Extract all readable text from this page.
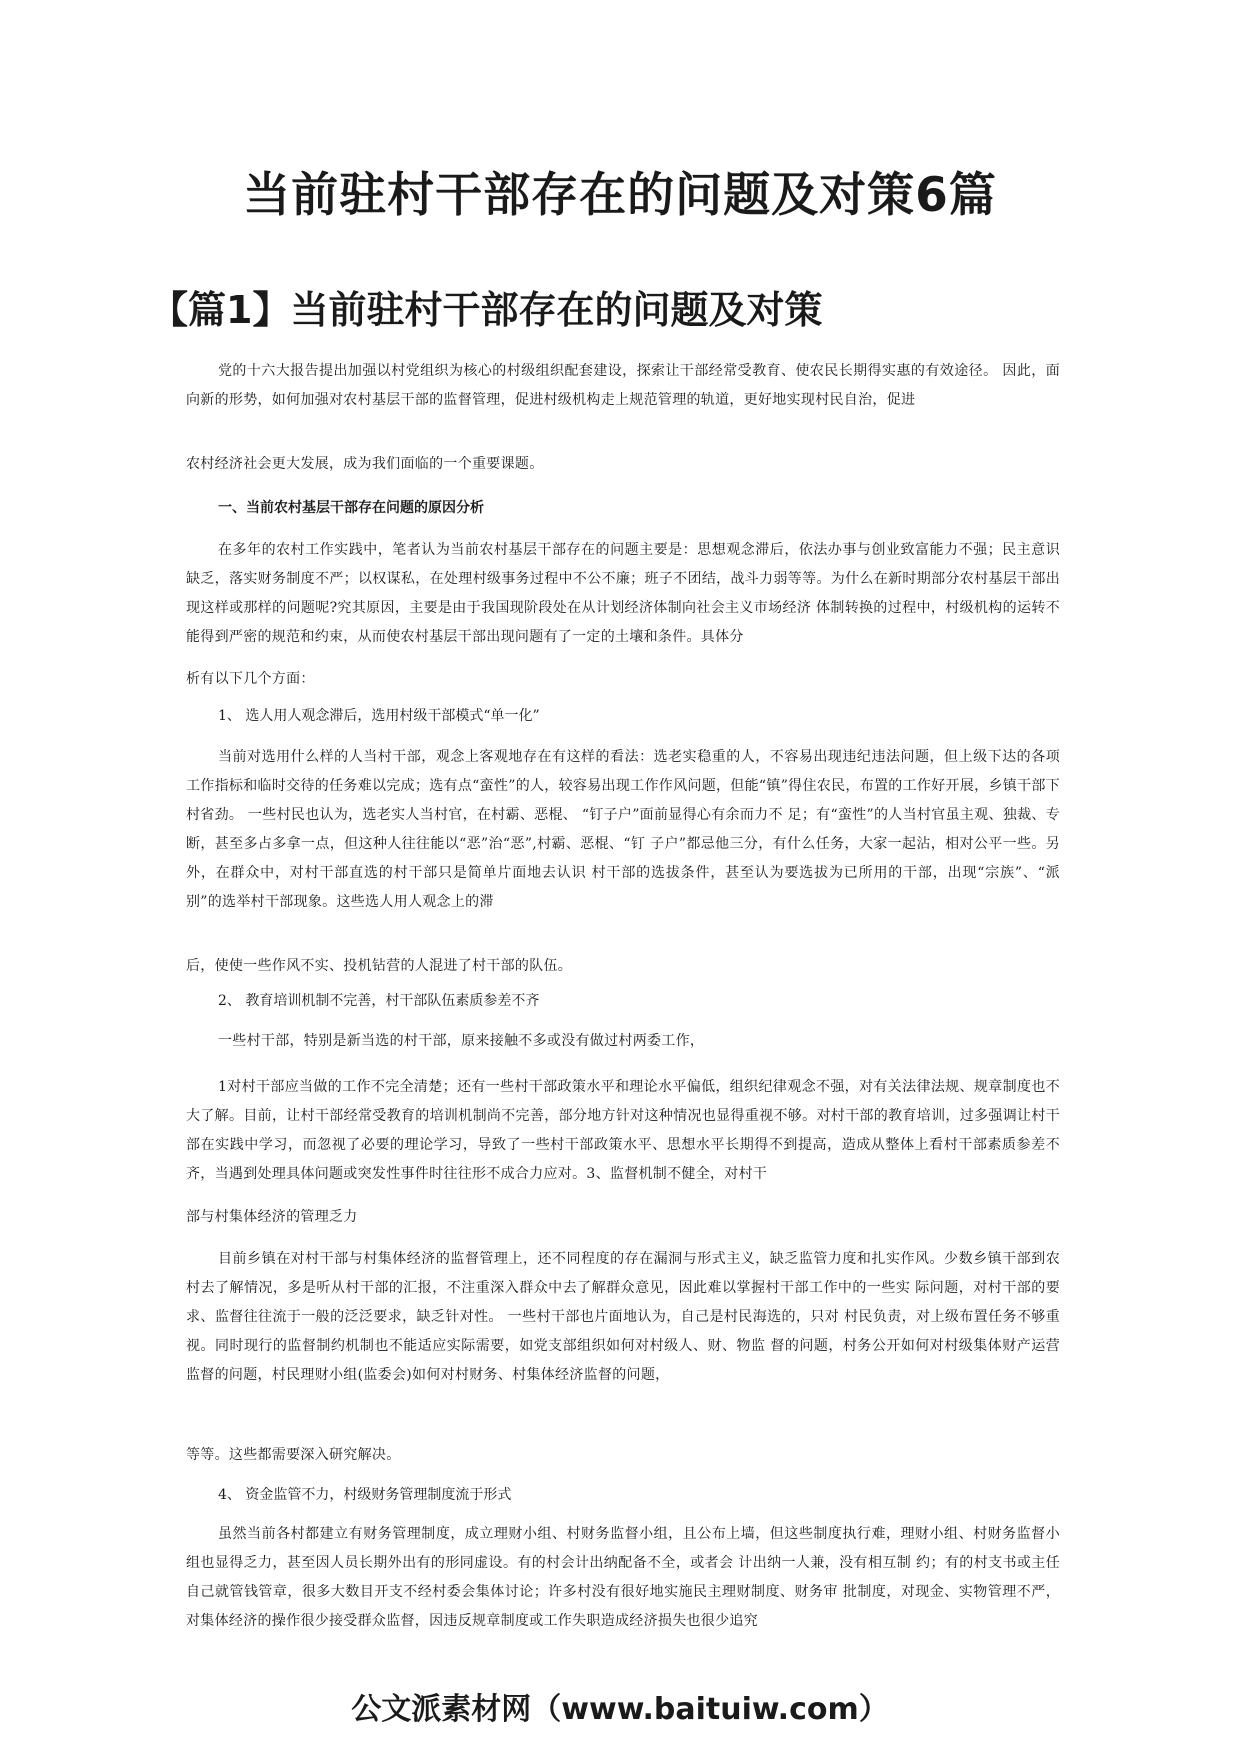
当前驻村干部存在的问题及对策6篇
【篇1】当前驻村干部存在的问题及对策

党的十六大报告提出加强以村党组织为核心的村级组织配套建设，探索让干部经常受教育、使农民长期得实惠的有效途径。 因此，面向新的形势，如何加强对农村基层干部的监督管理，促进村级机构走上规范管理的轨道，更好地实现村民自治，促进

农村经济社会更大发展，成为我们面临的一个重要课题。

一、当前农村基层干部存在问题的原因分析

在多年的农村工作实践中，笔者认为当前农村基层干部存在的问题主要是：思想观念滞后，依法办事与创业致富能力不强；民主意识缺乏，落实财务制度不严；以权谋私，在处理村级事务过程中不公不廉；班子不团结，战斗力弱等等。为什么在新时期部分农村基层干部出现这样或那样的问题呢?究其原因，主要是由于我国现阶段处在从计划经济体制向社会主义市场经济 体制转换的过程中，村级机构的运转不能得到严密的规范和约束，从而使农村基层干部出现问题有了一定的土壤和条件。具体分

析有以下几个方面：

1、 选人用人观念滞后，选用村级干部模式“单一化”

当前对选用什么样的人当村干部，观念上客观地存在有这样的看法：选老实稳重的人，不容易出现违纪违法问题，但上级下达的各项工作指标和临时交待的任务难以完成；选有点“蛮性”的人，较容易出现工作作风问题，但能“镇”得住农民，布置的工作好开展，乡镇干部下村省劲。 一些村民也认为，选老实人当村官，在村霸、恶棍、 “钉子户”面前显得心有余而力不 足；有“蛮性”的人当村官虽主观、独裁、专断，甚至多占多拿一点，但这种人往往能以“恶”治“恶”,村霸、恶棍、“钉 子户”都忌他三分，有什么任务，大家一起沾，相对公平一些。另外，在群众中，对村干部直选的村干部只是简单片面地去认识 村干部的选拔条件，甚至认为要选拔为已所用的干部，出现“宗族”、“派别”的选举村干部现象。这些选人用人观念上的滞

后，使使一些作风不实、投机钻营的人混进了村干部的队伍。

2、 教育培训机制不完善，村干部队伍素质参差不齐

一些村干部，特别是新当选的村干部，原来接触不多或没有做过村两委工作，

1对村干部应当做的工作不完全清楚；还有一些村干部政策水平和理论水平偏低，组织纪律观念不强，对有关法律法规、规章制度也不大了解。目前，让村干部经常受教育的培训机制尚不完善，部分地方针对这种情况也显得重视不够。对村干部的教育培训，过多强调让村干部在实践中学习，而忽视了必要的理论学习，导致了一些村干部政策水平、思想水平长期得不到提高，造成从整体上看村干部素质参差不齐，当遇到处理具体问题或突发性事件时往往形不成合力应对。3、监督机制不健全，对村干

部与村集体经济的管理乏力

目前乡镇在对村干部与村集体经济的监督管理上，还不同程度的存在漏洞与形式主义，缺乏监管力度和扎实作风。少数乡镇干部到农村去了解情况，多是听从村干部的汇报，不注重深入群众中去了解群众意见，因此难以掌握村干部工作中的一些实 际问题，对村干部的要求、监督往往流于一般的泛泛要求，缺乏针对性。 一些村干部也片面地认为，自己是村民海选的，只对 村民负责，对上级布置任务不够重视。同时现行的监督制约机制也不能适应实际需要，如党支部组织如何对村级人、财、物监 督的问题，村务公开如何对村级集体财产运营监督的问题，村民理财小组(监委会)如何对村财务、村集体经济监督的问题，

等等。这些都需要深入研究解决。

4、 资金监管不力，村级财务管理制度流于形式

虽然当前各村都建立有财务管理制度，成立理财小组、村财务监督小组，且公布上墙，但这些制度执行难，理财小组、村财务监督小组也显得乏力，甚至因人员长期外出有的形同虚设。有的村会计出纳配备不全，或者会 计出纳一人兼，没有相互制 约；有的村支书或主任自己就管钱管章，很多大数目开支不经村委会集体讨论；许多村没有很好地实施民主理财制度、财务审 批制度，对现金、实物管理不严，对集体经济的操作很少接受群众监督，因违反规章制度或工作失职造成经济损失也很少追究

公文派素材网（www.baituiw.com）
